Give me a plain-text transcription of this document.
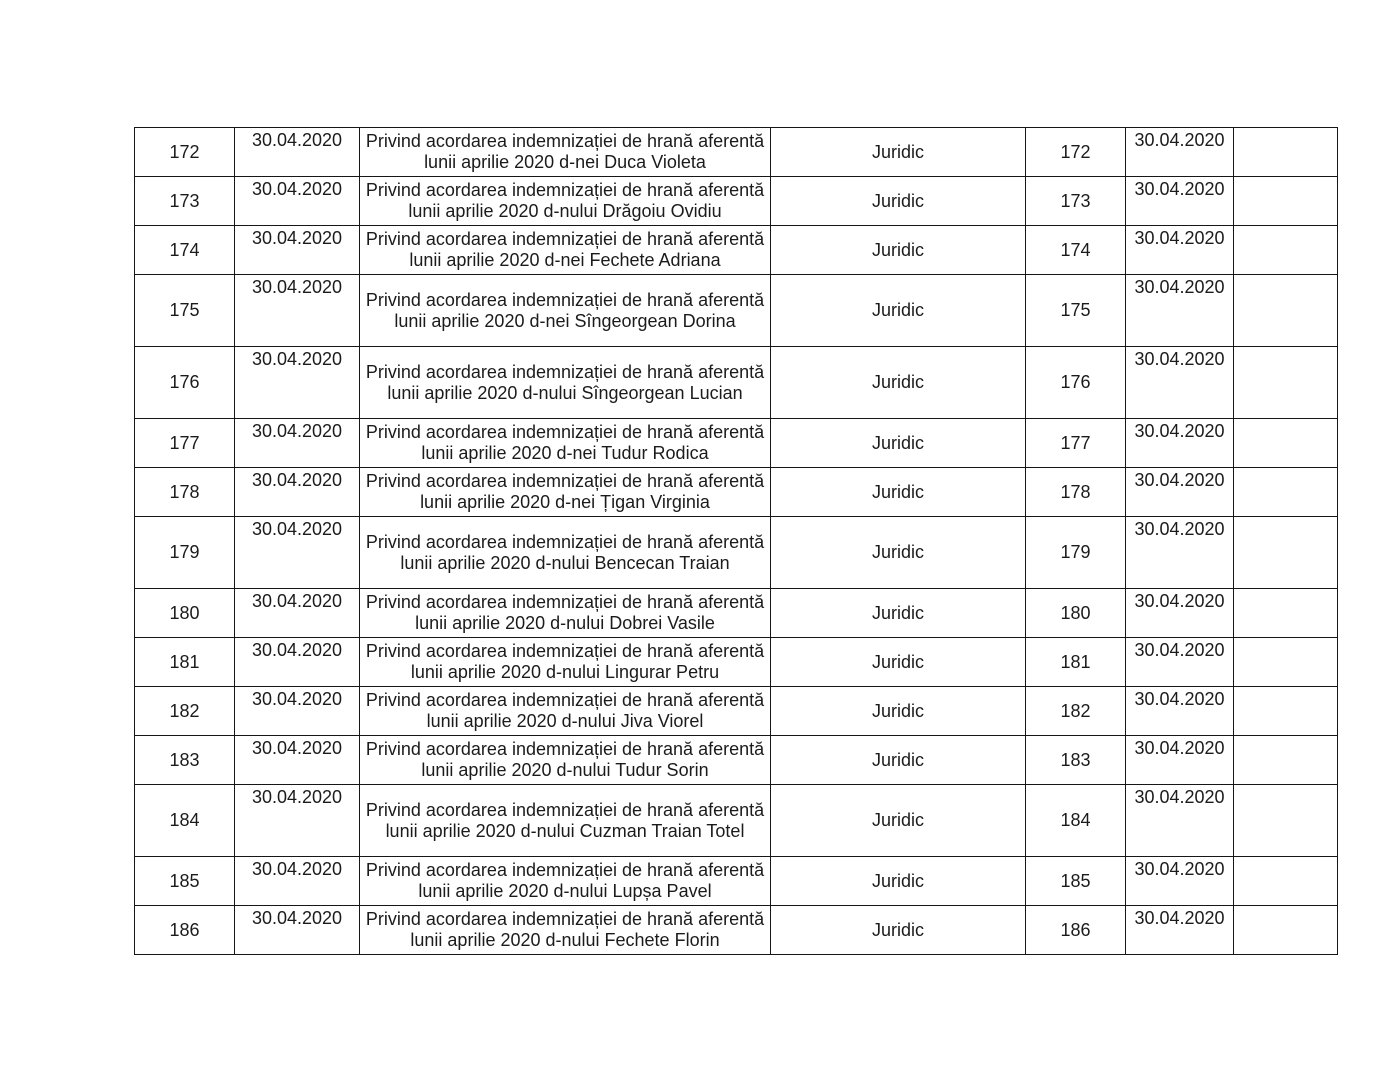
172	30.04.2020	Privind acordarea indemnizației de hrană aferentă lunii aprilie 2020 d-nei Duca Violeta	Juridic	172	30.04.2020	
173	30.04.2020	Privind acordarea indemnizației de hrană aferentă lunii aprilie 2020 d-nului Drăgoiu Ovidiu	Juridic	173	30.04.2020	
174	30.04.2020	Privind acordarea indemnizației de hrană aferentă lunii aprilie 2020 d-nei Fechete Adriana	Juridic	174	30.04.2020	
175	30.04.2020	Privind acordarea indemnizației de hrană aferentă lunii aprilie 2020 d-nei Sîngeorgean Dorina	Juridic	175	30.04.2020	
176	30.04.2020	Privind acordarea indemnizației de hrană aferentă lunii aprilie 2020 d-nului Sîngeorgean Lucian	Juridic	176	30.04.2020	
177	30.04.2020	Privind acordarea indemnizației de hrană aferentă lunii aprilie 2020 d-nei Tudur Rodica	Juridic	177	30.04.2020	
178	30.04.2020	Privind acordarea indemnizației de hrană aferentă lunii aprilie 2020 d-nei Țigan Virginia	Juridic	178	30.04.2020	
179	30.04.2020	Privind acordarea indemnizației de hrană aferentă lunii aprilie 2020 d-nului Bencecan Traian	Juridic	179	30.04.2020	
180	30.04.2020	Privind acordarea indemnizației de hrană aferentă lunii aprilie 2020 d-nului Dobrei Vasile	Juridic	180	30.04.2020	
181	30.04.2020	Privind acordarea indemnizației de hrană aferentă lunii aprilie 2020 d-nului Lingurar Petru	Juridic	181	30.04.2020	
182	30.04.2020	Privind acordarea indemnizației de hrană aferentă lunii aprilie 2020 d-nului Jiva Viorel	Juridic	182	30.04.2020	
183	30.04.2020	Privind acordarea indemnizației de hrană aferentă lunii aprilie 2020 d-nului Tudur Sorin	Juridic	183	30.04.2020	
184	30.04.2020	Privind acordarea indemnizației de hrană aferentă lunii aprilie 2020 d-nului Cuzman Traian Totel	Juridic	184	30.04.2020	
185	30.04.2020	Privind acordarea indemnizației de hrană aferentă lunii aprilie 2020 d-nului Lupșa Pavel	Juridic	185	30.04.2020	
186	30.04.2020	Privind acordarea indemnizației de hrană aferentă lunii aprilie 2020 d-nului Fechete Florin	Juridic	186	30.04.2020	
